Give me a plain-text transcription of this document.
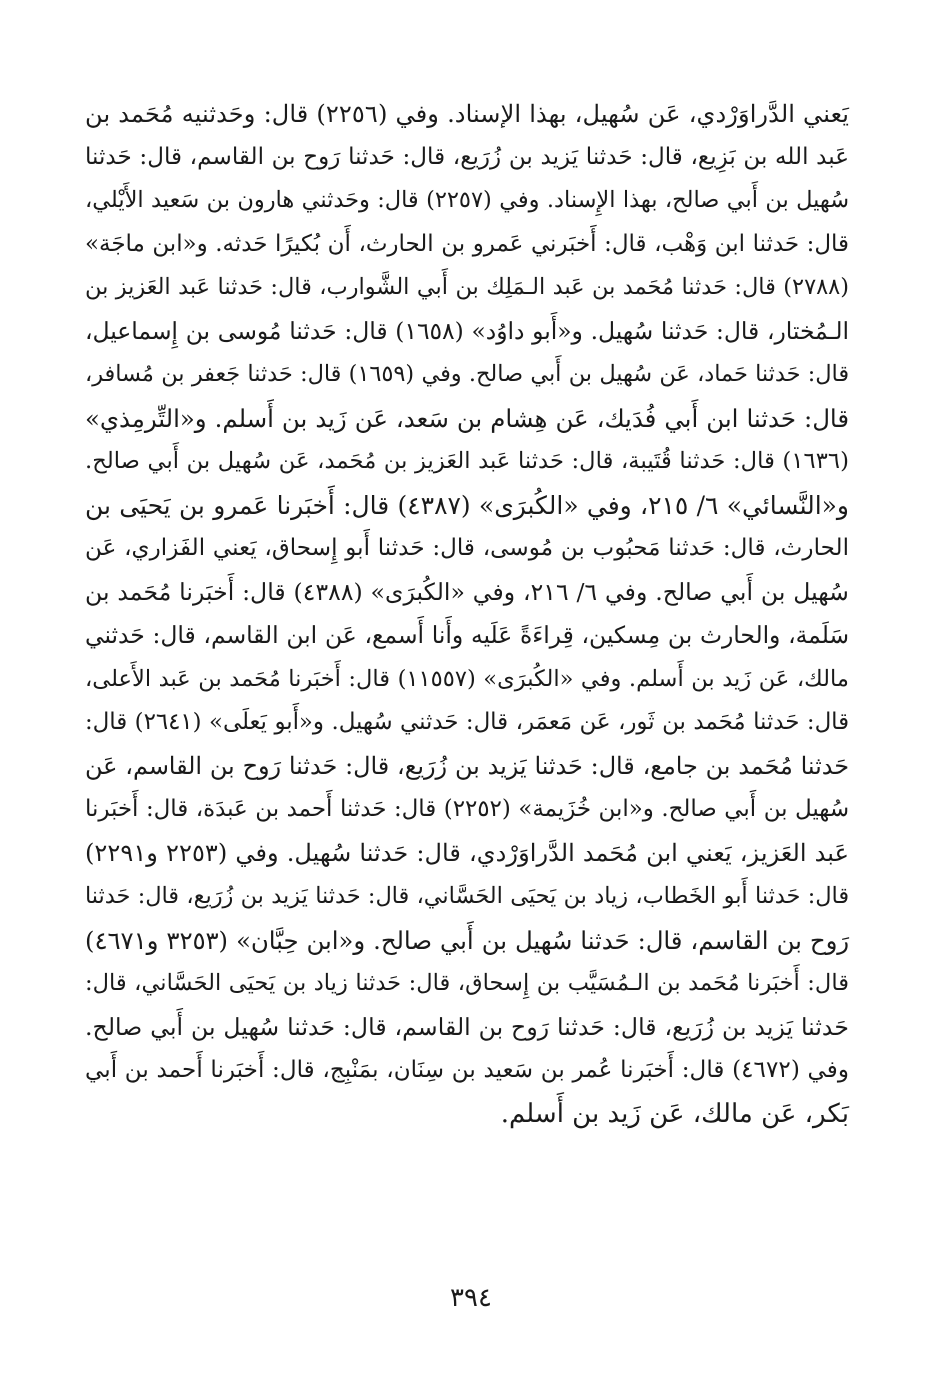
يَعني الدَّراوَرْدي، عَن سُهيل، بهذا الإسناد. وفي (٢٢٥٦) قال: وحَدثنيه مُحَمد بن
عَبد الله بن بَزِيع، قال: حَدثنا يَزيد بن زُرَيع، قال: حَدثنا رَوح بن القاسم، قال: حَدثنا
سُهيل بن أَبي صالح، بهذا الإِسناد. وفي (٢٢٥٧) قال: وحَدثني هارون بن سَعيد الأَيْلي،
قال: حَدثنا ابن وَهْب، قال: أَخبَرني عَمرو بن الحارث، أَن بُكيرًا حَدثه. و«ابن ماجَة»
(٢٧٨٨) قال: حَدثنا مُحَمد بن عَبد الـمَلِك بن أَبي الشَّوارب، قال: حَدثنا عَبد العَزيز بن
الـمُختار، قال: حَدثنا سُهيل. و«أَبو داوُد» (١٦٥٨) قال: حَدثنا مُوسى بن إِسماعيل،
قال: حَدثنا حَماد، عَن سُهيل بن أَبي صالح. وفي (١٦٥٩) قال: حَدثنا جَعفر بن مُسافر،
قال: حَدثنا ابن أَبي فُدَيك، عَن هِشام بن سَعد، عَن زَيد بن أَسلم. و«التِّرمِذي»
(١٦٣٦) قال: حَدثنا قُتَيبة، قال: حَدثنا عَبد العَزيز بن مُحَمد، عَن سُهيل بن أَبي صالح.
و«النَّسائي» ٦/ ٢١٥، وفي «الكُبرَى» (٤٣٨٧) قال: أَخبَرنا عَمرو بن يَحيَى بن
الحارث، قال: حَدثنا مَحبُوب بن مُوسى، قال: حَدثنا أَبو إِسحاق، يَعني الفَزاري، عَن
سُهيل بن أَبي صالح. وفي ٦/ ٢١٦، وفي «الكُبرَى» (٤٣٨٨) قال: أَخبَرنا مُحَمد بن
سَلَمة، والحارث بن مِسكين، قِراءَةً عَلَيه وأَنا أَسمع، عَن ابن القاسم، قال: حَدثني
مالك، عَن زَيد بن أَسلم. وفي «الكُبرَى» (١١٥٥٧) قال: أَخبَرنا مُحَمد بن عَبد الأَعلى،
قال: حَدثنا مُحَمد بن ثَور، عَن مَعمَر، قال: حَدثني سُهيل. و«أَبو يَعلَى» (٢٦٤١) قال:
حَدثنا مُحَمد بن جامع، قال: حَدثنا يَزيد بن زُرَيع، قال: حَدثنا رَوح بن القاسم، عَن
سُهيل بن أَبي صالح. و«ابن خُزَيمة» (٢٢٥٢) قال: حَدثنا أَحمد بن عَبدَة، قال: أَخبَرنا
عَبد العَزيز، يَعني ابن مُحَمد الدَّراوَرْدي، قال: حَدثنا سُهيل. وفي (٢٢٥٣ و٢٢٩١)
قال: حَدثنا أَبو الخَطاب، زياد بن يَحيَى الحَسَّاني، قال: حَدثنا يَزيد بن زُرَيع، قال: حَدثنا
رَوح بن القاسم، قال: حَدثنا سُهيل بن أَبي صالح. و«ابن حِبَّان» (٣٢٥٣ و٤٦٧١)
قال: أَخبَرنا مُحَمد بن الـمُسَيَّب بن إِسحاق، قال: حَدثنا زياد بن يَحيَى الحَسَّاني، قال:
حَدثنا يَزيد بن زُرَيع، قال: حَدثنا رَوح بن القاسم، قال: حَدثنا سُهيل بن أَبي صالح.
وفي (٤٦٧٢) قال: أَخبَرنا عُمر بن سَعيد بن سِنَان، بمَنْبِج، قال: أَخبَرنا أَحمد بن أَبي
بَكر، عَن مالك، عَن زَيد بن أَسلم.
٣٩٤
